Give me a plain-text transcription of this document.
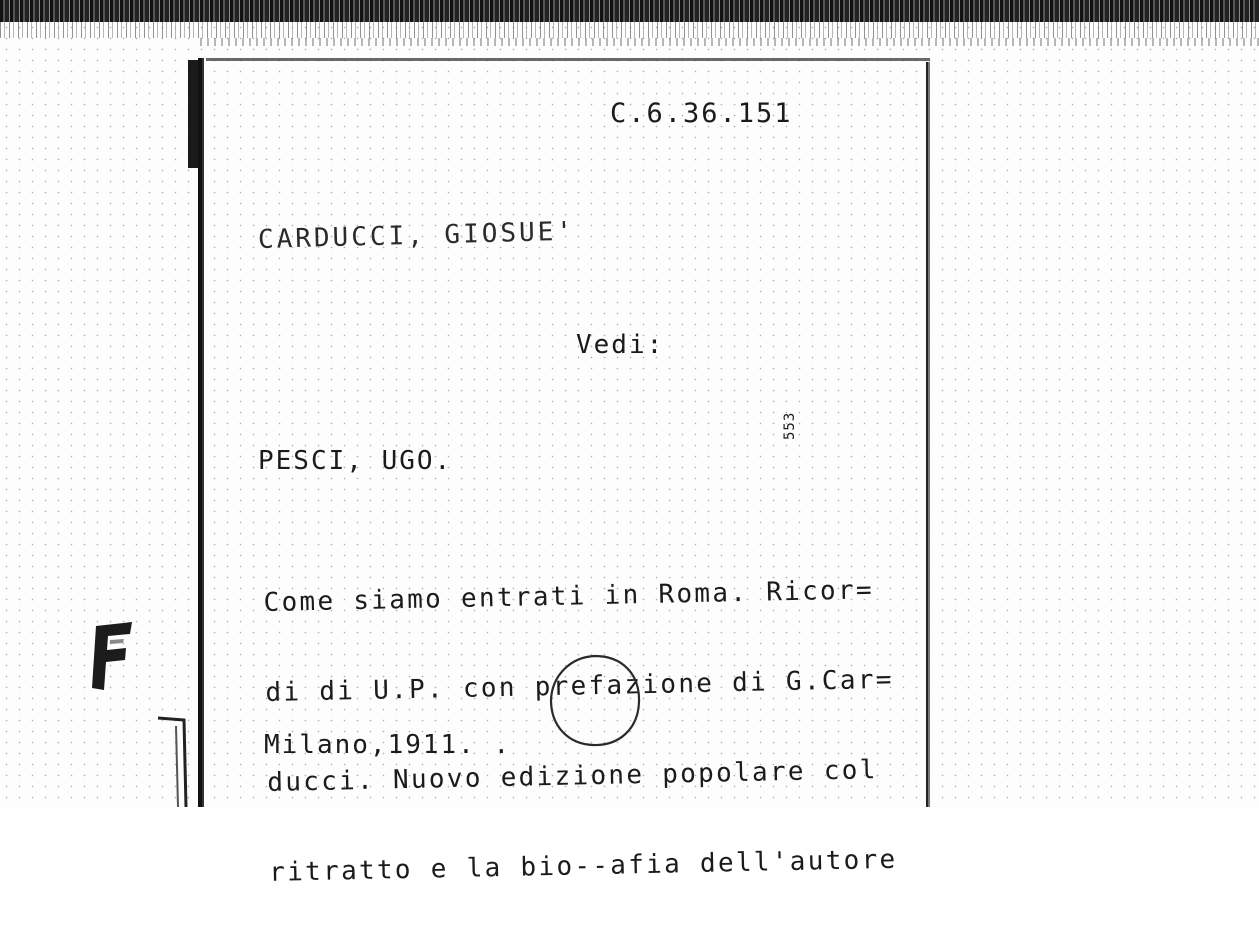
C.6.36.151
CARDUCCI, GIOSUE'
Vedi:
553
PESCI, UGO.

Come siamo entrati in Roma. Ricor=

di di U.P. con prefazione di G.Car=

ducci. Nuovo edizione popolare col

ritratto e la bio--afia dell'autore

Milano,1911. .
